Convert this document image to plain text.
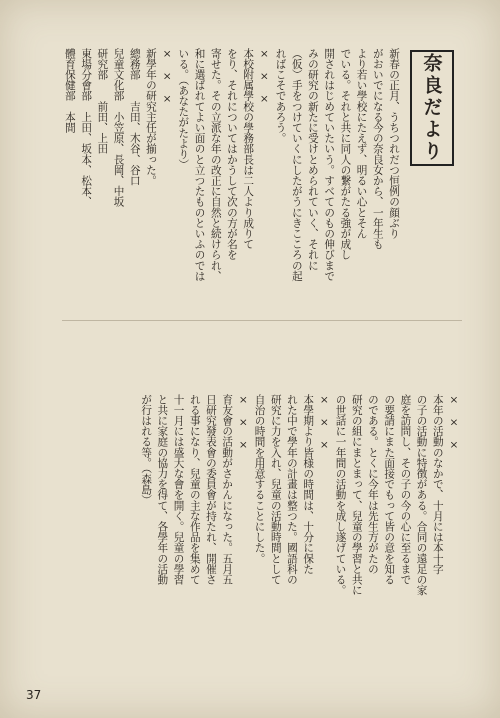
奈良だより
新春の正月、うちつれだつ恒例の顔ぶり
がおいでになる今の奈良女から、一年生も
より若い學校にたえず、明るい心とそん
でいる。それと共に同人の繋がたる強が成し
開されはじめていたいう。すべてのもの伸びまで
みの研究の新たに受けとめられていく、それに
（仮）手をつけていくにしたがうにきこころの起
ればこそであろう。
×　×　×
本校附属學校の學務部長は二人より成りて
をり、それについてはかうして次の方が名を
寄せた。その立派な年の改正に自然と続けられ、
和に選ばれてよい面のと立つたものといふのでは
いる。（あなたがたより）
×　×　×
新學年の研究主任が揃った。
總務部　　吉田、木谷、谷口
兒童文化部　小笠原、長岡、中坂
研究部　　前田、上田
東場分會部　上田、坂本、松本、
體育保健部　本間
×　×　×
本年の活動のなかで、十月には本十字
の子の活動に特徴がある。合同の遠足の家
庭を訪問し、その子の今の心に至るまで
の要請にまた面接でもって皆の意を知る
のである。とくに今年は先生方がたの
研究の組にまとまって、兒童の學習と共に
の世話に一年間の活動を成し遂げている。
×　×　×
本學期より皆様の時間は、十分に保た
れた中で學年の計畫は整つた。國語科の
研究に力を入れ、兒童の活動時間として
自治の時間を用意することにした。
×　×　×
育友會の活動がさかんになった。五月五
日研究發表會の委員會が持たれ、開催さ
れる事になり、兒童の主な作品を集めて
十一月には盛大な會を開く。兒童の學習
と共に家庭の協力を得て、各學年の活動
が行はれる等。（森島）
37
